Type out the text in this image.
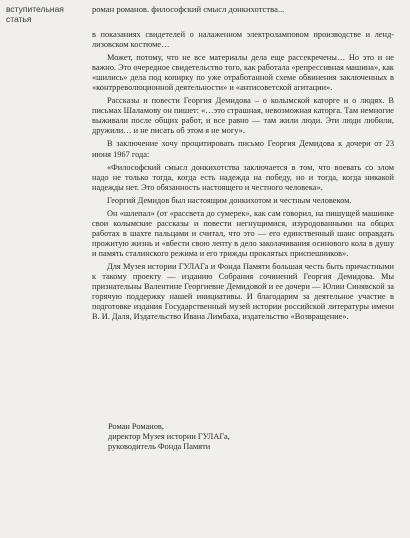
вступительная статья
роман романов. философский смысл донкихотства...

в показаниях свидетелей о налаженном электроламповом производстве и ленд-лизовском костюме…

Может, потому, что не все материалы дела еще рассекречены… Но это и не важно. Это очередное свидетельство того, как работала «репрессивная машина», как «шились» дела под копирку по уже отработанной схеме обвинения заключенных в «контрреволюционной деятельности» и «антисоветской агитации».

Рассказы и повести Георгия Демидова – о колымской каторге и о людях. В письмах Шаламову он пишет: «…это страшная, невозможная каторга. Там немногие выживали после общих работ, и все равно — там жили люди. Эти люди любили, дружили… и не писать об этом я не могу».

В заключение хочу процитировать письмо Георгия Демидова к дочери от 23 июня 1967 года:

«Философский смысл донкихотства заключается в том, что воевать со злом надо не только тогда, когда есть надежда на победу, но и тогда, когда никакой надежды нет. Это обязанность настоящего и честного человека».

Георгий Демидов был настоящим донкихотом и честным человеком.

Он «шлепал» (от «рассвета до сумерек», как сам говорил, на пишущей машинке свои колымские рассказы и повести негнущимися, изуродованными на общих работах в шахте пальцами и считал, что это — его единственный шанс оправдать прожитую жизнь и «вбести свою лепту в дело заколачивания осинового кола в душу и память сталинского режима и его трижды проклятых приспешников».

Для Музея истории ГУЛАГа и Фонда Памяти большая честь быть причастными к такому проекту — изданию Собрания сочинений Георгия Демидова. Мы признательны Валентине Георгиевне Демидовой и ее дочери — Юлии Синявской за горячую поддержку нашей инициативы. И благодарим за деятельное участие в подготовке издания Государственный музей истории российской литературы имени В. И. Даля, Издательство Ивана Лимбаха, издательство «Возвращение».

Роман Романов,
директор Музея истории ГУЛАГа,
руководитель Фонда Памяти
